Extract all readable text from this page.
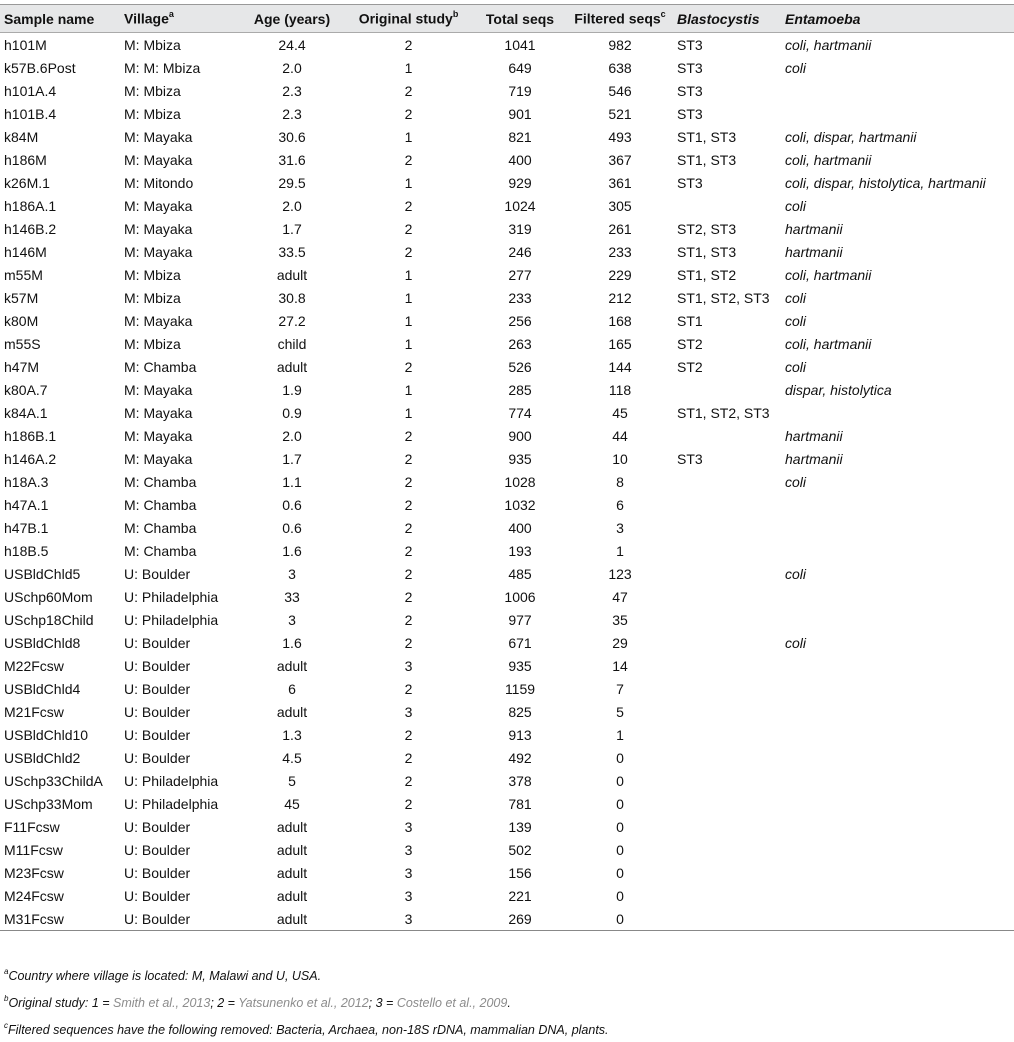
Sample name	Village$^a$	Age (years)	Original study$^b$	Total seqs	Filtered seqs$^c$	Blastocystis	Entamoeba
h101M	M: Mbiza	24.4	2	1041	982	ST3	coli, hartmanii
k57B.6Post	M: M: Mbiza	2.0	1	649	638	ST3	coli
h101A.4	M: Mbiza	2.3	2	719	546	ST3	
h101B.4	M: Mbiza	2.3	2	901	521	ST3	
k84M	M: Mayaka	30.6	1	821	493	ST1, ST3	coli, dispar, hartmanii
h186M	M: Mayaka	31.6	2	400	367	ST1, ST3	coli, hartmanii
k26M.1	M: Mitondo	29.5	1	929	361	ST3	coli, dispar, histolytica, hartmanii
h186A.1	M: Mayaka	2.0	2	1024	305		coli
h146B.2	M: Mayaka	1.7	2	319	261	ST2, ST3	hartmanii
h146M	M: Mayaka	33.5	2	246	233	ST1, ST3	hartmanii
m55M	M: Mbiza	adult	1	277	229	ST1, ST2	coli, hartmanii
k57M	M: Mbiza	30.8	1	233	212	ST1, ST2, ST3	coli
k80M	M: Mayaka	27.2	1	256	168	ST1	coli
m55S	M: Mbiza	child	1	263	165	ST2	coli, hartmanii
h47M	M: Chamba	adult	2	526	144	ST2	coli
k80A.7	M: Mayaka	1.9	1	285	118		dispar, histolytica
k84A.1	M: Mayaka	0.9	1	774	45	ST1, ST2, ST3	
h186B.1	M: Mayaka	2.0	2	900	44		hartmanii
h146A.2	M: Mayaka	1.7	2	935	10	ST3	hartmanii
h18A.3	M: Chamba	1.1	2	1028	8		coli
h47A.1	M: Chamba	0.6	2	1032	6		
h47B.1	M: Chamba	0.6	2	400	3		
h18B.5	M: Chamba	1.6	2	193	1		
USBldChld5	U: Boulder	3	2	485	123		coli
USchp60Mom	U: Philadelphia	33	2	1006	47		
USchp18Child	U: Philadelphia	3	2	977	35		
USBldChld8	U: Boulder	1.6	2	671	29		coli
M22Fcsw	U: Boulder	adult	3	935	14		
USBldChld4	U: Boulder	6	2	1159	7		
M21Fcsw	U: Boulder	adult	3	825	5		
USBldChld10	U: Boulder	1.3	2	913	1		
USBldChld2	U: Boulder	4.5	2	492	0		
USchp33ChildA	U: Philadelphia	5	2	378	0		
USchp33Mom	U: Philadelphia	45	2	781	0		
F11Fcsw	U: Boulder	adult	3	139	0		
M11Fcsw	U: Boulder	adult	3	502	0		
M23Fcsw	U: Boulder	adult	3	156	0		
M24Fcsw	U: Boulder	adult	3	221	0		
M31Fcsw	U: Boulder	adult	3	269	0		
$^a$Country where village is located: M, Malawi and U, USA.
$^b$Original study: 1 = Smith et al., 2013; 2 = Yatsunenko et al., 2012; 3 = Costello et al., 2009.
$^c$Filtered sequences have the following removed: Bacteria, Archaea, non-18S rDNA, mammalian DNA, plants.
